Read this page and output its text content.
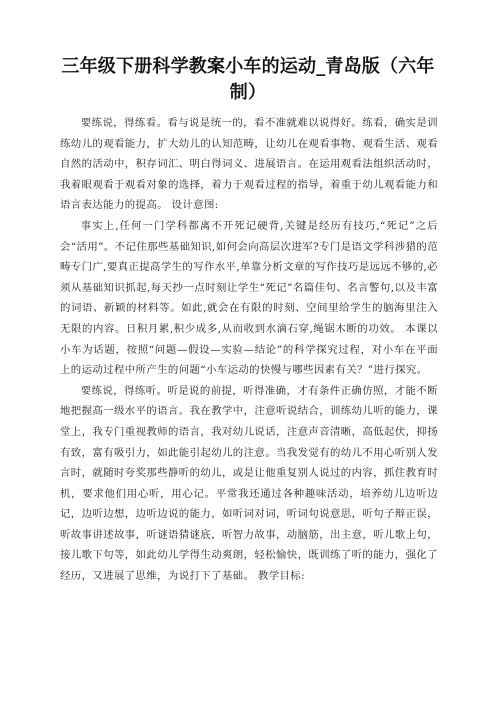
三年级下册科学教案小车的运动_青岛版（六年制）

要练说，得练看。看与说是统一的，看不准就难以说得好。练看，确实是训练幼儿的观看能力，扩大幼儿的认知范畴，让幼儿在观看事物、观看生活、观看自然的活动中，积存词汇、明白得词义、进展语言。在运用观看法组织活动时，我着眼观看于观看对象的选择，着力于观看过程的指导，着重于幼儿观看能力和语言表达能力的提高。 设计意图:

事实上,任何一门学科都离不开死记硬背,关键是经历有技巧,“死记”之后会“活用”。不记住那些基础知识,如何会向高层次进军?专门是语文学科涉猎的范畴专门广,要真正提高学生的写作水平,单靠分析文章的写作技巧是远远不够的,必须从基础知识抓起,每天抄一点时刻让学生“死记”名篇佳句、名言警句,以及丰富的词语、新颖的材料等。如此,就会在有限的时刻、空间里给学生的脑海里注入无限的内容。日积月累,积少成多,从而收到水滴石穿,绳锯木断的功效。 本课以小车为话题，按照“问题—假设—实验—结论”的科学探究过程，对小车在平面上的运动过程中所产生的问题“小车运动的快慢与哪些因素有关？”进行探究。

要练说，得练听。听是说的前提，听得准确，才有条件正确仿照，才能不断地把握高一级水平的语言。我在教学中，注意听说结合，训练幼儿听的能力，课堂上，我专门重视教师的语言，我对幼儿说话，注意声音清晰，高低起伏，抑扬有致，富有吸引力，如此能引起幼儿的注意。当我发觉有的幼儿不用心听别人发言时，就随时夸奖那些静听的幼儿，或是让他重复别人说过的内容，抓住教育时机，要求他们用心听，用心记。平常我还通过各种趣味活动，培养幼儿边听边记，边听边想，边听边说的能力，如听词对词，听词句说意思，听句子辩正误，听故事讲述故事，听谜语猜谜底，听智力故事，动脑筋，出主意，听儿歌上句，接儿歌下句等，如此幼儿学得生动爽朗，轻松愉快，既训练了听的能力，强化了经历，又进展了思维，为说打下了基础。 教学目标:
